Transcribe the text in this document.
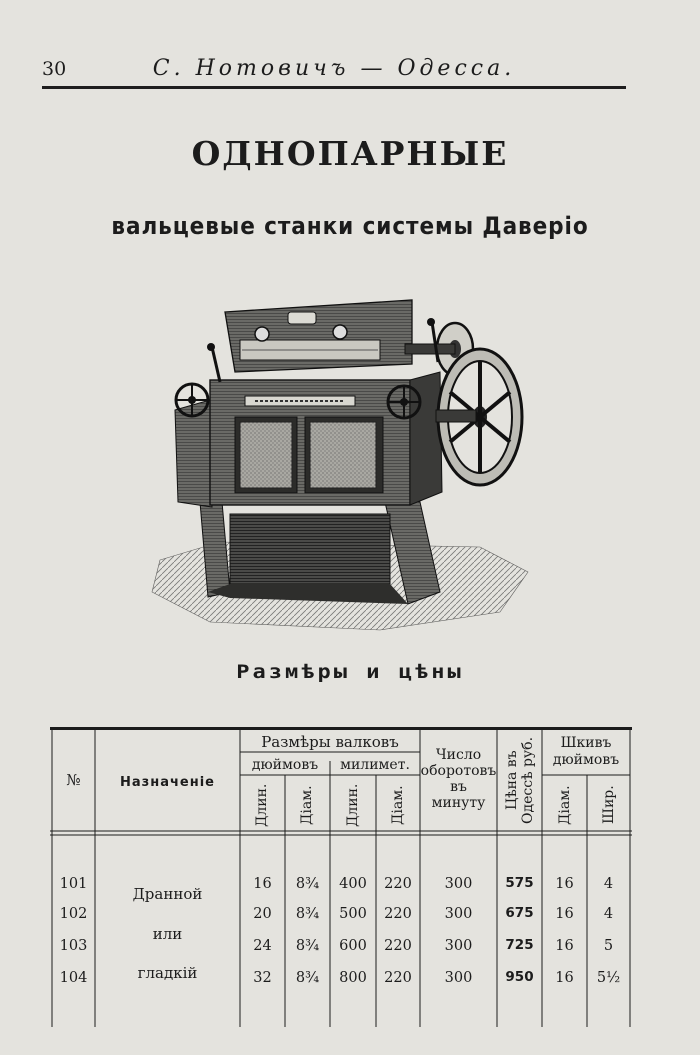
30	С. Нотовичъ — Одесса.
ОДНОПАРНЫЕ
вальцевые станки системы Даверіо
Размѣры и цѣны
№	Назначеніе
Размѣры валковъ
дюймовъ	милимет.
Длин. Діам. Длин. Діам.
Число
оборотовъ
въ
минуту	Цѣна въ Одессѣ руб.	Шкивъ
дюймовъ
Діам. Шир.
Дранной
или
гладкій
101	16	8¾	400	220	300	575	16	4
102	20	8¾	500	220	300	675	16	4
103	24	8¾	600	220	300	725	16	5
104	32	8¾	800	220	300	950	16	5½
